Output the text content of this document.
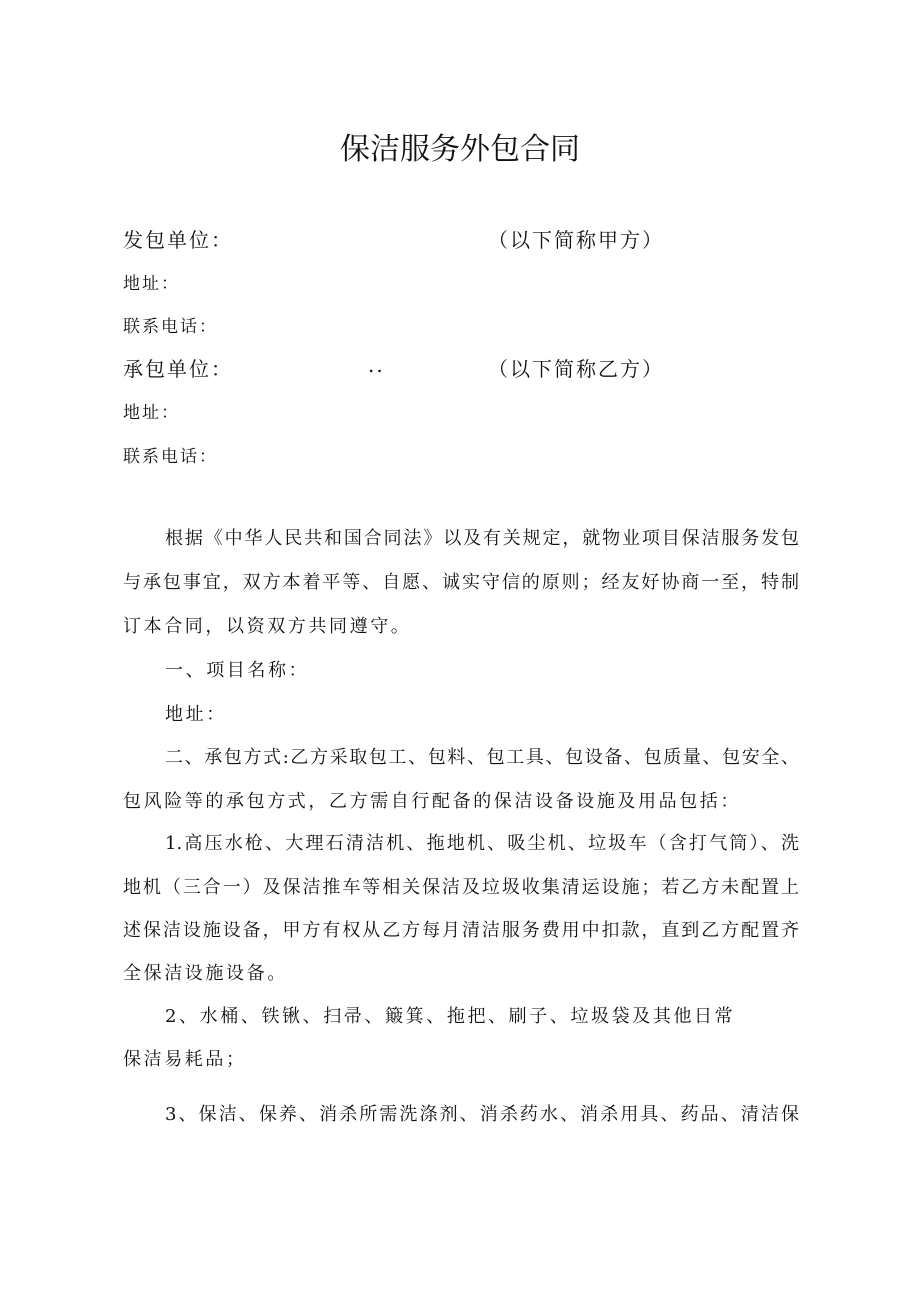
保洁服务外包合同
发包单位：	（以下简称甲方）
地址：
联系电话：
承包单位：	..	（以下简称乙方）
地址：
联系电话：
根据《中华人民共和国合同法》以及有关规定，就物业项目保洁服务发包
与承包事宜，双方本着平等、自愿、诚实守信的原则；经友好协商一至，特制
订本合同，以资双方共同遵守。
一、项目名称：
地址：
二、承包方式:乙方采取包工、包料、包工具、包设备、包质量、包安全、
包风险等的承包方式，乙方需自行配备的保洁设备设施及用品包括：
1.高压水枪、大理石清洁机、拖地机、吸尘机、垃圾车（含打气筒）、洗
地机（三合一）及保洁推车等相关保洁及垃圾收集清运设施；若乙方未配置上
述保洁设施设备，甲方有权从乙方每月清洁服务费用中扣款，直到乙方配置齐
全保洁设施设备。
2、水桶、铁锹、扫帚、簸箕、拖把、刷子、垃圾袋及其他日常
保洁易耗品；
3、保洁、保养、消杀所需洗涤剂、消杀药水、消杀用具、药品、清洁保
